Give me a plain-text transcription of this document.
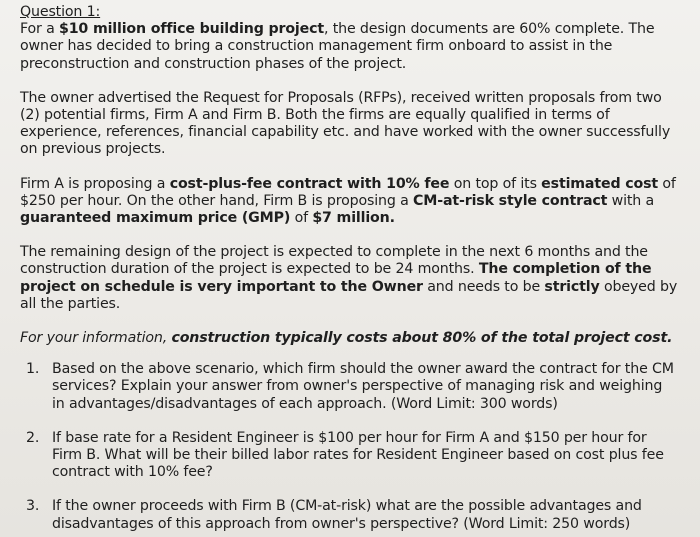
Question 1:

For a $10 million office building project, the design documents are 60% complete. The owner has decided to bring a construction management firm onboard to assist in the preconstruction and construction phases of the project.

The owner advertised the Request for Proposals (RFPs), received written proposals from two (2) potential firms, Firm A and Firm B. Both the firms are equally qualified in terms of experience, references, financial capability etc. and have worked with the owner successfully on previous projects.

Firm A is proposing a cost-plus-fee contract with 10% fee on top of its estimated cost of $250 per hour. On the other hand, Firm B is proposing a CM-at-risk style contract with a guaranteed maximum price (GMP) of $7 million.

The remaining design of the project is expected to complete in the next 6 months and the construction duration of the project is expected to be 24 months. The completion of the project on schedule is very important to the Owner and needs to be strictly obeyed by all the parties.

For your information, construction typically costs about 80% of the total project cost.

1. Based on the above scenario, which firm should the owner award the contract for the CM services? Explain your answer from owner's perspective of managing risk and weighing in advantages/disadvantages of each approach. (Word Limit: 300 words)
2. If base rate for a Resident Engineer is $100 per hour for Firm A and $150 per hour for Firm B. What will be their billed labor rates for Resident Engineer based on cost plus fee contract with 10% fee?
3. If the owner proceeds with Firm B (CM-at-risk) what are the possible advantages and disadvantages of this approach from owner's perspective? (Word Limit: 250 words)
